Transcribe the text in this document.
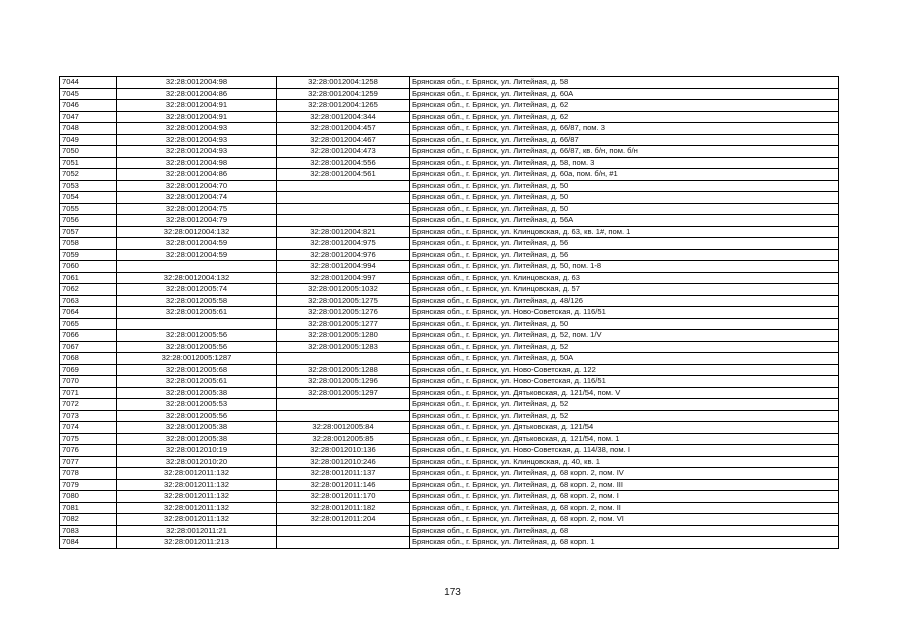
7044	32:28:0012004:98	32:28:0012004:1258	Брянская обл., г. Брянск, ул. Литейная, д. 58
7045	32:28:0012004:86	32:28:0012004:1259	Брянская обл., г. Брянск, ул. Литейная, д. 60А
7046	32:28:0012004:91	32:28:0012004:1265	Брянская обл., г. Брянск, ул. Литейная, д. 62
7047	32:28:0012004:91	32:28:0012004:344	Брянская обл., г. Брянск, ул. Литейная, д. 62
7048	32:28:0012004:93	32:28:0012004:457	Брянская обл., г. Брянск, ул. Литейная, д. 66/87, пом. 3
7049	32:28:0012004:93	32:28:0012004:467	Брянская обл., г. Брянск, ул. Литейная, д. 66/87
7050	32:28:0012004:93	32:28:0012004:473	Брянская обл., г. Брянск, ул. Литейная, д. 66/87, кв. б/н, пом. б/н
7051	32:28:0012004:98	32:28:0012004:556	Брянская обл., г. Брянск, ул. Литейная, д. 58, пом. 3
7052	32:28:0012004:86	32:28:0012004:561	Брянская обл., г. Брянск, ул. Литейная, д. 60а, пом. б/н, #1
7053	32:28:0012004:70		Брянская обл., г. Брянск, ул. Литейная, д. 50
7054	32:28:0012004:74		Брянская обл., г. Брянск, ул. Литейная, д. 50
7055	32:28:0012004:75		Брянская обл., г. Брянск, ул. Литейная, д. 50
7056	32:28:0012004:79		Брянская обл., г. Брянск, ул. Литейная, д. 56А
7057	32:28:0012004:132	32:28:0012004:821	Брянская обл., г. Брянск, ул. Клинцовская, д. 63, кв. 1#, пом. 1
7058	32:28:0012004:59	32:28:0012004:975	Брянская обл., г. Брянск, ул. Литейная, д. 56
7059	32:28:0012004:59	32:28:0012004:976	Брянская обл., г. Брянск, ул. Литейная, д. 56
7060		32:28:0012004:994	Брянская обл., г. Брянск, ул. Литейная, д. 50, пом. 1-8
7061	32:28:0012004:132	32:28:0012004:997	Брянская обл., г. Брянск, ул. Клинцовская, д. 63
7062	32:28:0012005:74	32:28:0012005:1032	Брянская обл., г. Брянск, ул. Клинцовская, д. 57
7063	32:28:0012005:58	32:28:0012005:1275	Брянская обл., г. Брянск, ул. Литейная, д. 48/126
7064	32:28:0012005:61	32:28:0012005:1276	Брянская обл., г. Брянск, ул. Ново-Советская, д. 116/51
7065		32:28:0012005:1277	Брянская обл., г. Брянск, ул. Литейная, д. 50
7066	32:28:0012005:56	32:28:0012005:1280	Брянская обл., г. Брянск, ул. Литейная, д. 52, пом. 1/V
7067	32:28:0012005:56	32:28:0012005:1283	Брянская обл., г. Брянск, ул. Литейная, д. 52
7068	32:28:0012005:1287		Брянская обл., г. Брянск, ул. Литейная, д. 50А
7069	32:28:0012005:68	32:28:0012005:1288	Брянская обл., г. Брянск, ул. Ново-Советская, д. 122
7070	32:28:0012005:61	32:28:0012005:1296	Брянская обл., г. Брянск, ул. Ново-Советская, д. 116/51
7071	32:28:0012005:38	32:28:0012005:1297	Брянская обл., г. Брянск, ул. Дятьковская, д. 121/54, пом. V
7072	32:28:0012005:53		Брянская обл., г. Брянск, ул. Литейная, д. 52
7073	32:28:0012005:56		Брянская обл., г. Брянск, ул. Литейная, д. 52
7074	32:28:0012005:38	32:28:0012005:84	Брянская обл., г. Брянск, ул. Дятьковская, д. 121/54
7075	32:28:0012005:38	32:28:0012005:85	Брянская обл., г. Брянск, ул. Дятьковская, д. 121/54, пом. 1
7076	32:28:0012010:19	32:28:0012010:136	Брянская обл., г. Брянск, ул. Ново-Советская, д. 114/38, пом. I
7077	32:28:0012010:20	32:28:0012010:246	Брянская обл., г. Брянск, ул. Клинцовская, д. 40, кв. 1
7078	32:28:0012011:132	32:28:0012011:137	Брянская обл., г. Брянск, ул. Литейная, д. 68 корп. 2, пом. IV
7079	32:28:0012011:132	32:28:0012011:146	Брянская обл., г. Брянск, ул. Литейная, д. 68 корп. 2, пом. III
7080	32:28:0012011:132	32:28:0012011:170	Брянская обл., г. Брянск, ул. Литейная, д. 68 корп. 2, пом. I
7081	32:28:0012011:132	32:28:0012011:182	Брянская обл., г. Брянск, ул. Литейная, д. 68 корп. 2, пом. II
7082	32:28:0012011:132	32:28:0012011:204	Брянская обл., г. Брянск, ул. Литейная, д. 68 корп. 2, пом. VI
7083	32:28:0012011:21		Брянская обл., г. Брянск, ул. Литейная, д. 68
7084	32:28:0012011:213		Брянская обл., г. Брянск, ул. Литейная, д. 68 корп. 1
173
